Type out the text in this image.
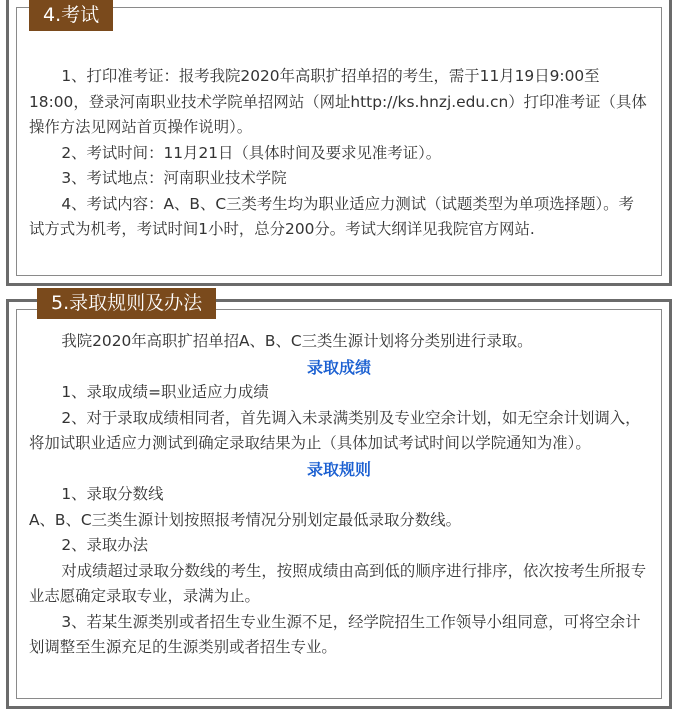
4.考试

1、打印准考证：报考我院2020年高职扩招单招的考生，需于11月19日9:00至18:00，登录河南职业技术学院单招网站（网址http://ks.hnzj.edu.cn）打印准考证（具体操作方法见网站首页操作说明）。

2、考试时间：11月21日（具体时间及要求见准考证）。

3、考试地点：河南职业技术学院

4、考试内容：A、B、C三类考生均为职业适应力测试（试题类型为单项选择题）。考试方式为机考，考试时间1小时，总分200分。考试大纲详见我院官方网站.

5.录取规则及办法

我院2020年高职扩招单招A、B、C三类生源计划将分类别进行录取。

录取成绩

1、录取成绩=职业适应力成绩

2、对于录取成绩相同者，首先调入未录满类别及专业空余计划，如无空余计划调入，将加试职业适应力测试到确定录取结果为止（具体加试考试时间以学院通知为准）。

录取规则

1、录取分数线

A、B、C三类生源计划按照报考情况分别划定最低录取分数线。

2、录取办法

对成绩超过录取分数线的考生，按照成绩由高到低的顺序进行排序，依次按考生所报专业志愿确定录取专业，录满为止。

3、若某生源类别或者招生专业生源不足，经学院招生工作领导小组同意，可将空余计划调整至生源充足的生源类别或者招生专业。
